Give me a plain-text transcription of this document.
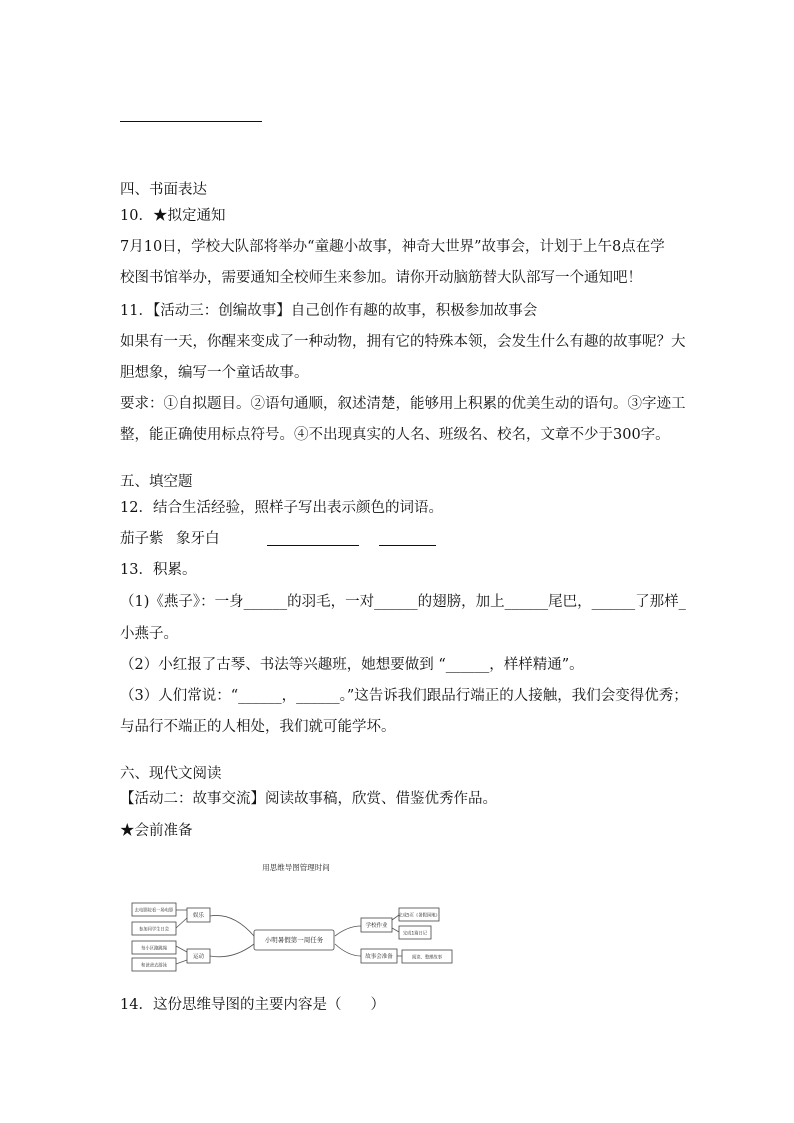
四、书面表达
10．★拟定通知
7月10日，学校大队部将举办“童趣小故事，神奇大世界”故事会，计划于上午8点在学
校图书馆举办，需要通知全校师生来参加。请你开动脑筋替大队部写一个通知吧！
11．【活动三：创编故事】自己创作有趣的故事，积极参加故事会
如果有一天，你醒来变成了一种动物，拥有它的特殊本领，会发生什么有趣的故事呢？大
胆想象，编写一个童话故事。
要求：①自拟题目。②语句通顺，叙述清楚，能够用上积累的优美生动的语句。③字迹工
整，能正确使用标点符号。④不出现真实的人名、班级名、校名，文章不少于300字。
五、填空题
12．结合生活经验，照样子写出表示颜色的词语。
茄子紫 象牙白
13．积累。
（1)《燕子》：一身______的羽毛，一对______的翅膀，加上______尾巴，______了那样_
小燕子。
（2）小红报了古琴、书法等兴趣班，她想要做到 “______，样样精通”。
（3）人们常说：“______，______。”这告诉我们跟品行端正的人接触，我们会变得优秀；
与品行不端正的人相处，我们就可能学坏。
六、现代文阅读
【活动二：故事交流】阅读故事稿，欣赏、借鉴优秀作品。
★会前准备
用思维导图管理时间
小明暑假第一周任务
娱乐
运动
学校作业
故事会准备
去电影院看一场电影
参加同学生日会
每小区跑跳绳
和爸爸去游泳
完成5页《暑假园地》
完成1篇日记
阅读、整理故事
14．这份思维导图的主要内容是（　　）
